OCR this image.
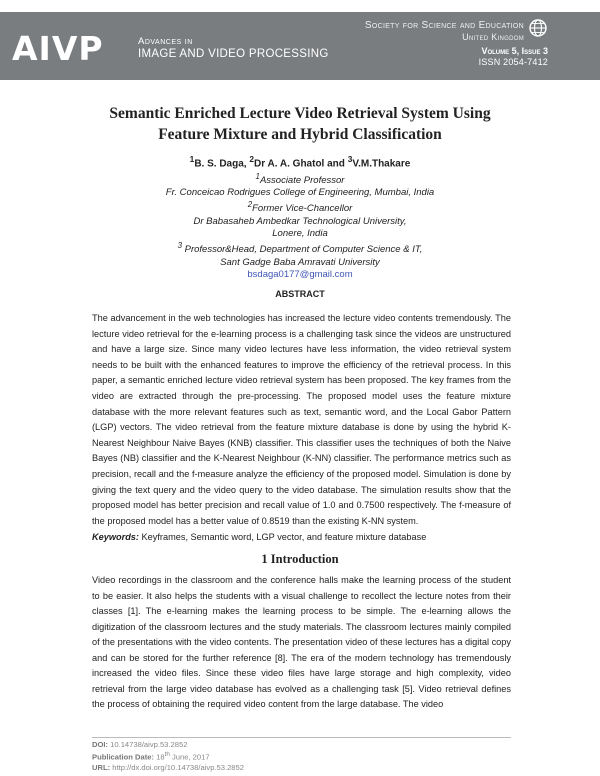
AIVP	Advances in
IMAGE AND VIDEO PROCESSING
Society for Science and Education
United Kingdom
Volume 5, Issue 3
ISSN 2054-7412
Semantic Enriched Lecture Video Retrieval System Using
Feature Mixture and Hybrid Classification
$^1$B. S. Daga, $^2$Dr A. A. Ghatol and $^3$V.M.Thakare
$^1$Associate Professor
Fr. Conceicao Rodrigues College of Engineering, Mumbai, India
$^2$Former Vice-Chancellor
Dr Babasaheb Ambedkar Technological University,
Lonere, India
$^3$ Professor&Head, Department of Computer Science & IT,
Sant Gadge Baba Amravati University
bsdaga0177@gmail.com
ABSTRACT

The advancement in the web technologies has increased the lecture video contents tremendously. The lecture video retrieval for the e-learning process is a challenging task since the videos are unstructured and have a large size. Since many video lectures have less information, the video retrieval system needs to be built with the enhanced features to improve the efficiency of the retrieval process. In this paper, a semantic enriched lecture video retrieval system has been proposed. The key frames from the video are extracted through the pre-processing. The proposed model uses the feature mixture database with the more relevant features such as text, semantic word, and the Local Gabor Pattern (LGP) vectors. The video retrieval from the feature mixture database is done by using the hybrid K-Nearest Neighbour Naive Bayes (KNB) classifier. This classifier uses the techniques of both the Naive Bayes (NB) classifier and the K-Nearest Neighbour (K-NN) classifier. The performance metrics such as precision, recall and the f-measure analyze the efficiency of the proposed model. Simulation is done by giving the text query and the video query to the video database. The simulation results show that the proposed model has better precision and recall value of 1.0 and 0.7500 respectively. The f-measure of the proposed model has a better value of 0.8519 than the existing K-NN system.

Keywords: Keyframes, Semantic word, LGP vector, and feature mixture database
1 Introduction

Video recordings in the classroom and the conference halls make the learning process of the student to be easier. It also helps the students with a visual challenge to recollect the lecture notes from their classes [1]. The e-learning makes the learning process to be simple. The e-learning allows the digitization of the classroom lectures and the study materials. The classroom lectures mainly compiled of the presentations with the video contents. The presentation video of these lectures has a digital copy and can be stored for the further reference [8]. The era of the modern technology has tremendously increased the video files. Since these video files have large storage and high complexity, video retrieval from the large video database has evolved as a challenging task [5]. Video retrieval defines the process of obtaining the required video content from the large database. The video

DOI: 10.14738/aivp.53.2852
Publication Date: 18th June, 2017
URL: http://dx.doi.org/10.14738/aivp.53.2852
